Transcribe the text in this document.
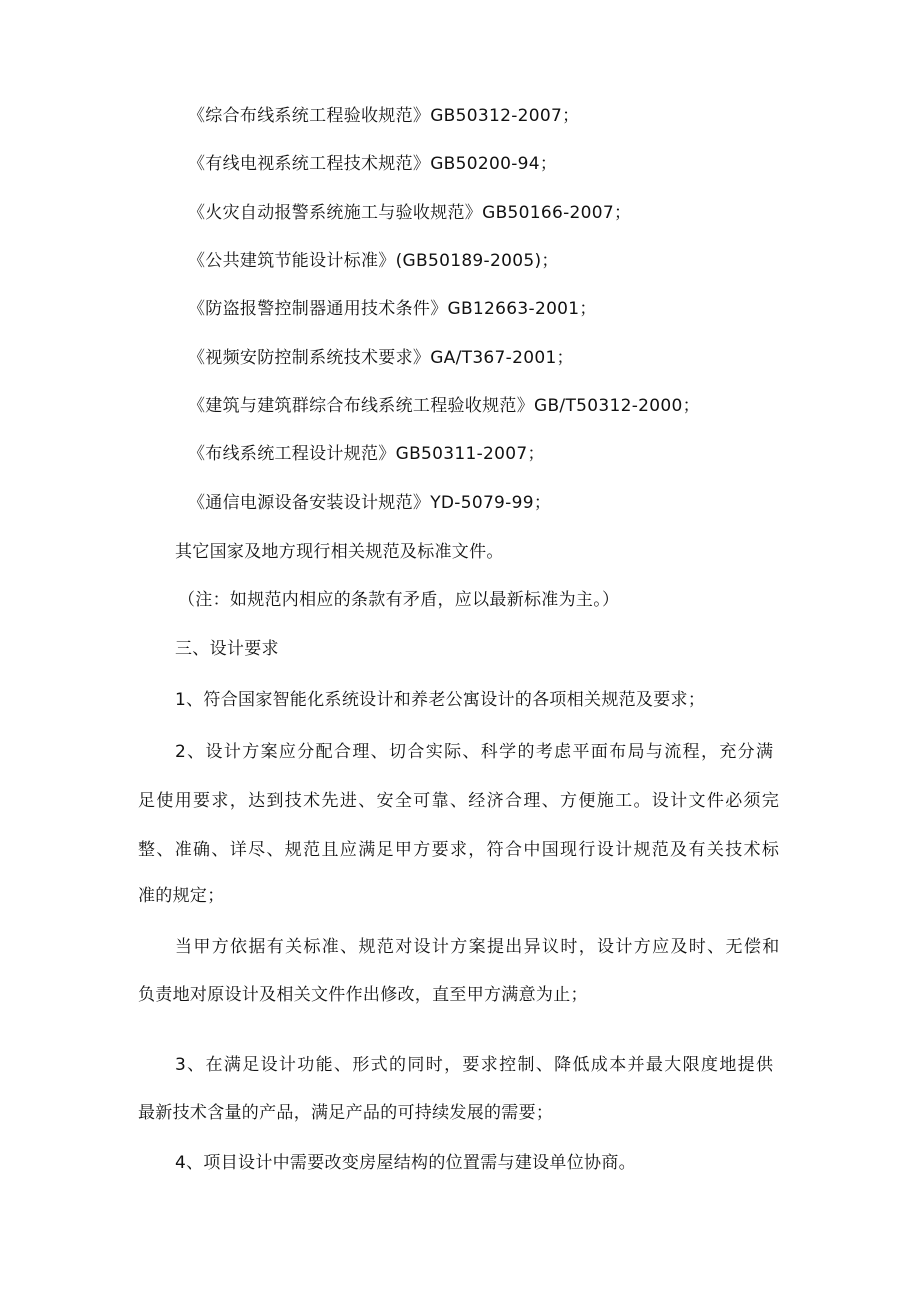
《综合布线系统工程验收规范》GB50312-2007；
《有线电视系统工程技术规范》GB50200-94；
《火灾自动报警系统施工与验收规范》GB50166-2007；
《公共建筑节能设计标准》(GB50189-2005)；
《防盗报警控制器通用技术条件》GB12663-2001；
《视频安防控制系统技术要求》GA/T367-2001；
《建筑与建筑群综合布线系统工程验收规范》GB/T50312-2000；
《布线系统工程设计规范》GB50311-2007；
《通信电源设备安装设计规范》YD-5079-99；
其它国家及地方现行相关规范及标准文件。
（注：如规范内相应的条款有矛盾，应以最新标准为主。）
三、设计要求
1、符合国家智能化系统设计和养老公寓设计的各项相关规范及要求；
2、设计方案应分配合理、切合实际、科学的考虑平面布局与流程，充分满
足使用要求，达到技术先进、安全可靠、经济合理、方便施工。设计文件必须完
整、准确、详尽、规范且应满足甲方要求，符合中国现行设计规范及有关技术标
准的规定；
当甲方依据有关标准、规范对设计方案提出异议时，设计方应及时、无偿和
负责地对原设计及相关文件作出修改，直至甲方满意为止；
3、在满足设计功能、形式的同时，要求控制、降低成本并最大限度地提供
最新技术含量的产品，满足产品的可持续发展的需要；
4、项目设计中需要改变房屋结构的位置需与建设单位协商。
